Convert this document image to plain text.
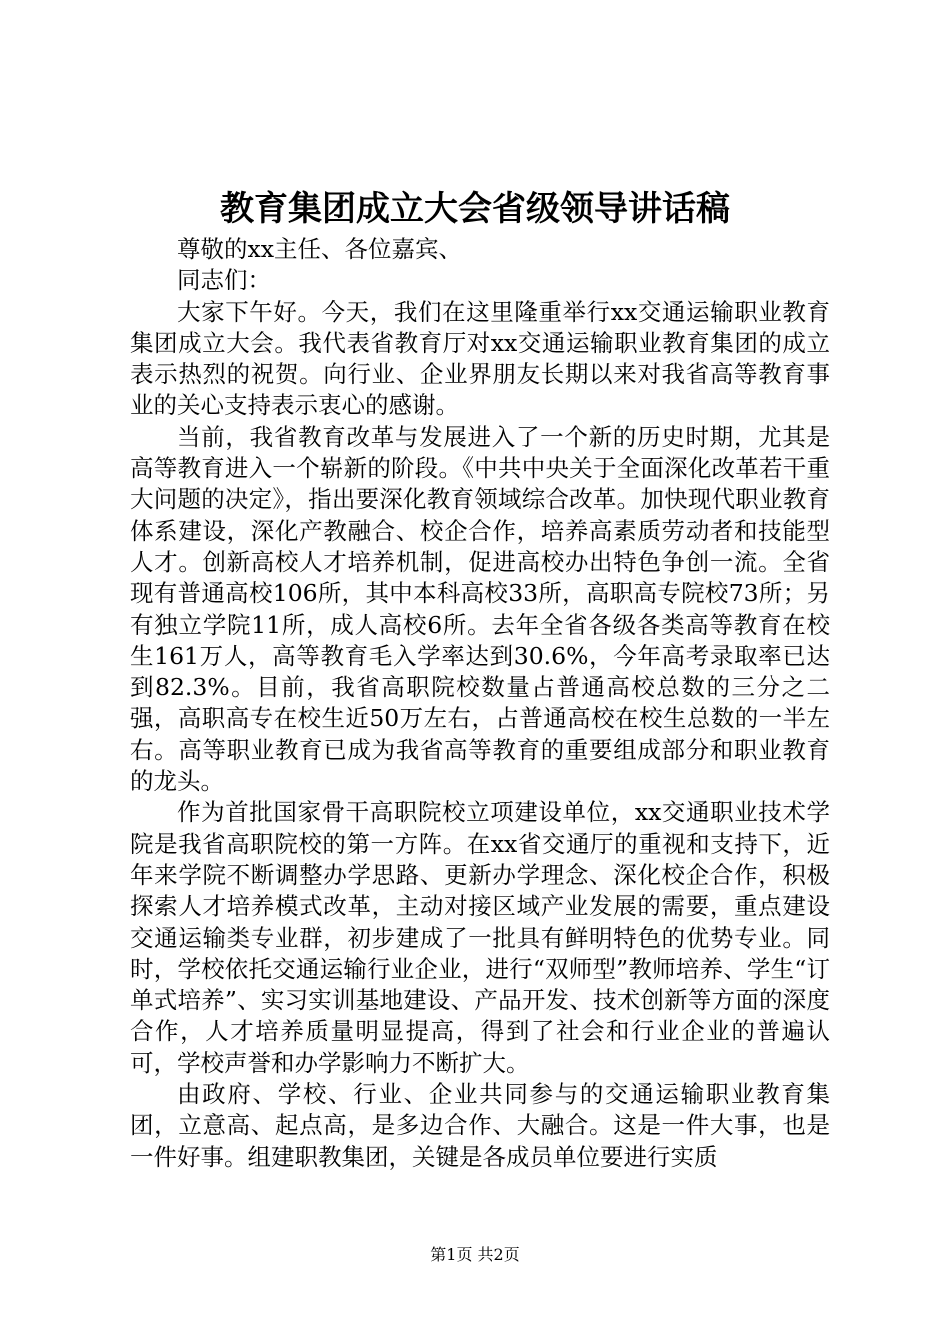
教育集团成立大会省级领导讲话稿

尊敬的xx主任、各位嘉宾、

同志们：

大家下午好。今天，我们在这里隆重举行xx交通运输职业教育集团成立大会。我代表省教育厅对xx交通运输职业教育集团的成立表示热烈的祝贺。向行业、企业界朋友长期以来对我省高等教育事业的关心支持表示衷心的感谢。

当前，我省教育改革与发展进入了一个新的历史时期，尤其是高等教育进入一个崭新的阶段。《中共中央关于全面深化改革若干重大问题的决定》，指出要深化教育领域综合改革。加快现代职业教育体系建设，深化产教融合、校企合作，培养高素质劳动者和技能型人才。创新高校人才培养机制，促进高校办出特色争创一流。全省现有普通高校106所，其中本科高校33所，高职高专院校73所；另有独立学院11所，成人高校6所。去年全省各级各类高等教育在校生161万人，高等教育毛入学率达到30.6%，今年高考录取率已达到82.3%。目前，我省高职院校数量占普通高校总数的三分之二强，高职高专在校生近50万左右，占普通高校在校生总数的一半左右。高等职业教育已成为我省高等教育的重要组成部分和职业教育的龙头。

作为首批国家骨干高职院校立项建设单位，xx交通职业技术学院是我省高职院校的第一方阵。在xx省交通厅的重视和支持下，近年来学院不断调整办学思路、更新办学理念、深化校企合作，积极探索人才培养模式改革，主动对接区域产业发展的需要，重点建设交通运输类专业群，初步建成了一批具有鲜明特色的优势专业。同时，学校依托交通运输行业企业，进行“双师型”教师培养、学生“订单式培养”、实习实训基地建设、产品开发、技术创新等方面的深度合作，人才培养质量明显提高，得到了社会和行业企业的普遍认可，学校声誉和办学影响力不断扩大。

由政府、学校、行业、企业共同参与的交通运输职业教育集团，立意高、起点高，是多边合作、大融合。这是一件大事，也是一件好事。组建职教集团，关键是各成员单位要进行实质

第1页 共2页
